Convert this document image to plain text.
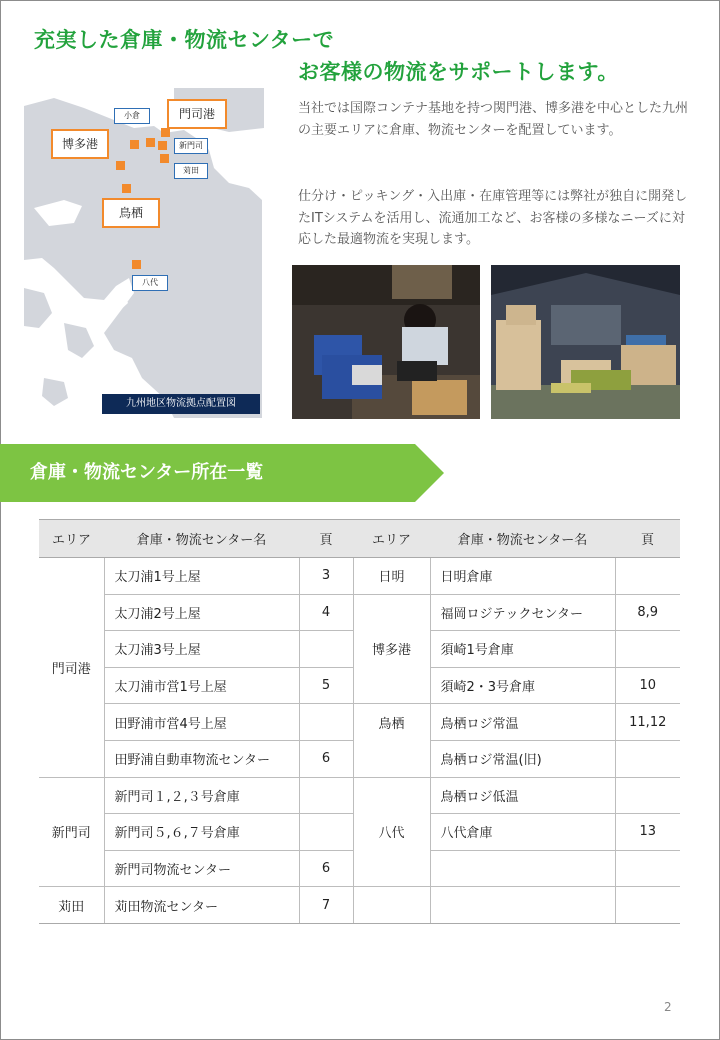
充実した倉庫・物流センターで
お客様の物流をサポートします。
小倉	門司港
博多港	新門司
苅田
鳥栖
八代
九州地区物流拠点配置図
当社では国際コンテナ基地を持つ関門港、博多港を中心とした九州の主要エリアに倉庫、物流センターを配置しています。
仕分け・ピッキング・入出庫・在庫管理等には弊社が独自に開発したITシステムを活用し、流通加工など、お客様の多様なニーズに対応した最適物流を実現します。
倉庫・物流センター所在一覧
エリア	倉庫・物流センター名	頁	エリア	倉庫・物流センター名	頁
門司港	太刀浦1号上屋	3	日明	日明倉庫	
	太刀浦2号上屋	4	博多港	福岡ロジテックセンター	8,9
	太刀浦3号上屋			須崎1号倉庫	
	太刀浦市営1号上屋	5		須崎2・3号倉庫	10
	田野浦市営4号上屋		鳥栖	鳥栖ロジ常温	11,12
	田野浦自動車物流センター	6		鳥栖ロジ常温(旧)	
新門司	新門司１,２,３号倉庫		八代	鳥栖ロジ低温	
	新門司５,６,７号倉庫			八代倉庫	13
	新門司物流センター	6			
苅田	苅田物流センター	7			
2
